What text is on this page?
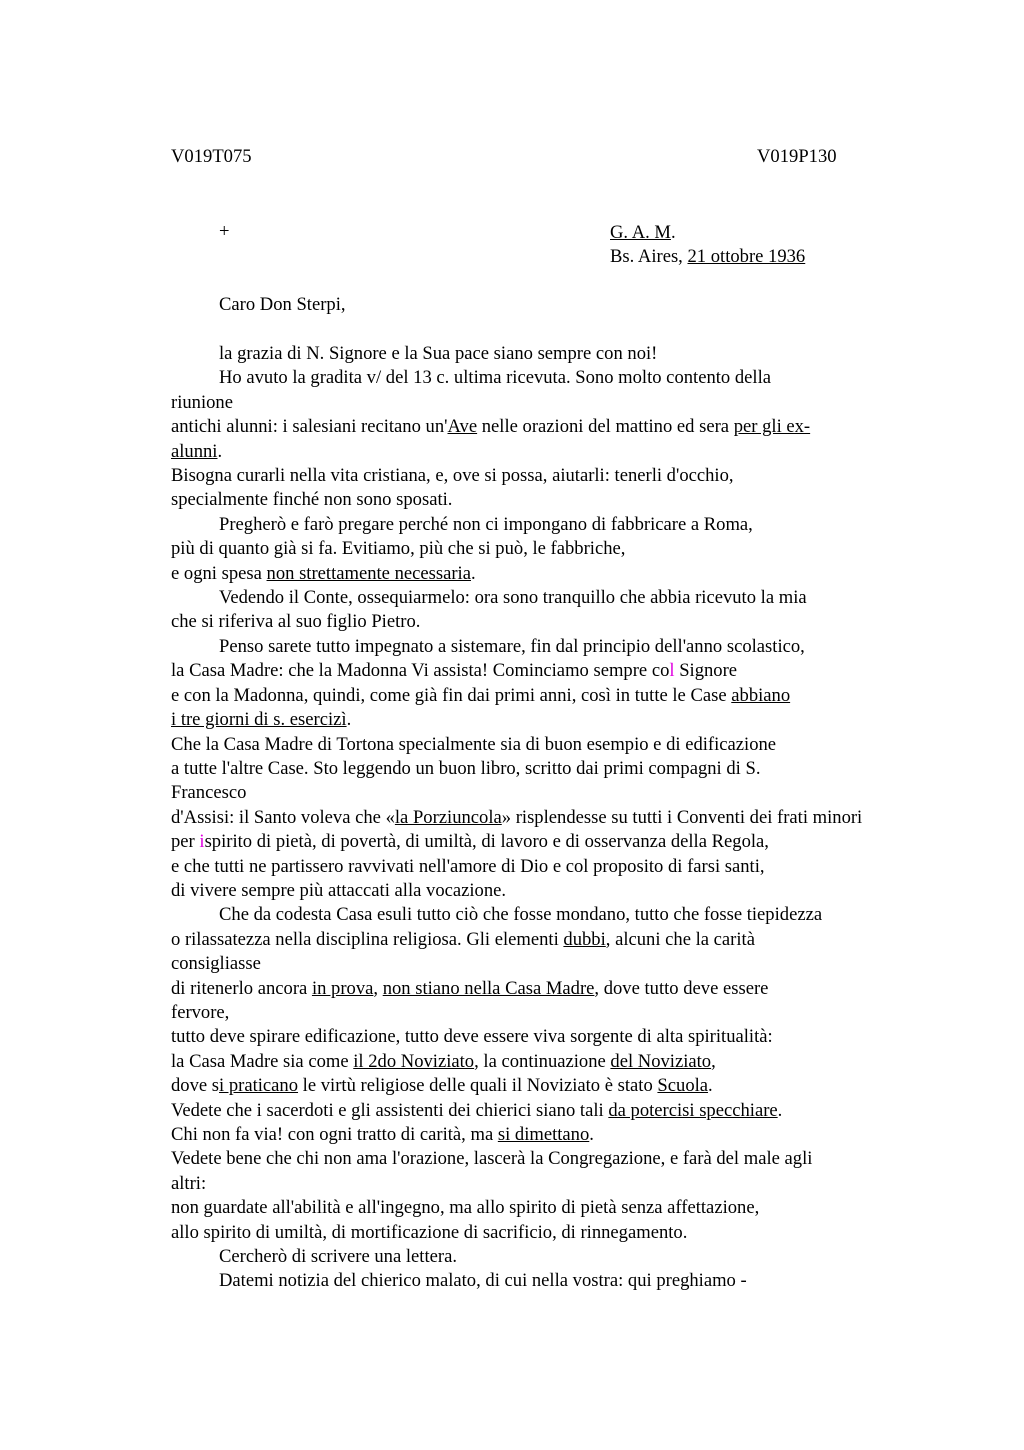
V019T075	V019P130
+	G. A. M.
Bs. Aires, 21 ottobre 1936
Caro Don Sterpi,
la grazia di N. Signore e la Sua pace siano sempre con noi!
Ho avuto la gradita v/ del 13 c. ultima ricevuta. Sono molto contento della
riunione
antichi alunni: i salesiani recitano un'Ave nelle orazioni del mattino ed sera per gli ex-
alunni.
Bisogna curarli nella vita cristiana, e, ove si possa, aiutarli: tenerli d'occhio,
specialmente finché non sono sposati.
Pregherò e farò pregare perché non ci impongano di fabbricare a Roma,
più di quanto già si fa. Evitiamo, più che si può, le fabbriche,
e ogni spesa non strettamente necessaria.
Vedendo il Conte, ossequiarmelo: ora sono tranquillo che abbia ricevuto la mia
che si riferiva al suo figlio Pietro.
Penso sarete tutto impegnato a sistemare, fin dal principio dell'anno scolastico,
la Casa Madre: che la Madonna Vi assista! Cominciamo sempre col Signore
e con la Madonna, quindi, come già fin dai primi anni, così in tutte le Case abbiano
i tre giorni di s. esercizi.
Che la Casa Madre di Tortona specialmente sia di buon esempio e di edificazione
a tutte l'altre Case. Sto leggendo un buon libro, scritto dai primi compagni di S.
Francesco
d'Assisi: il Santo voleva che «la Porziuncola» risplendesse su tutti i Conventi dei frati minori
per ispirito di pietà, di povertà, di umiltà, di lavoro e di osservanza della Regola,
e che tutti ne partissero ravvivati nell'amore di Dio e col proposito di farsi santi,
di vivere sempre più attaccati alla vocazione.
Che da codesta Casa esuli tutto ciò che fosse mondano, tutto che fosse tiepidezza
o rilassatezza nella disciplina religiosa. Gli elementi dubbi, alcuni che la carità
consigliasse
di ritenerlo ancora in prova, non stiano nella Casa Madre, dove tutto deve essere
fervore,
tutto deve spirare edificazione, tutto deve essere viva sorgente di alta spiritualità:
la Casa Madre sia come il 2do Noviziato, la continuazione del Noviziato,
dove si praticano le virtù religiose delle quali il Noviziato è stato Scuola.
Vedete che i sacerdoti e gli assistenti dei chierici siano tali da potercisi specchiare.
Chi non fa via! con ogni tratto di carità, ma si dimettano.
Vedete bene che chi non ama l'orazione, lascerà la Congregazione, e farà del male agli
altri:
non guardate all'abilità e all'ingegno, ma allo spirito di pietà senza affettazione,
allo spirito di umiltà, di mortificazione di sacrificio, di rinnegamento.
Cercherò di scrivere una lettera.
Datemi notizia del chierico malato, di cui nella vostra: qui preghiamo -
